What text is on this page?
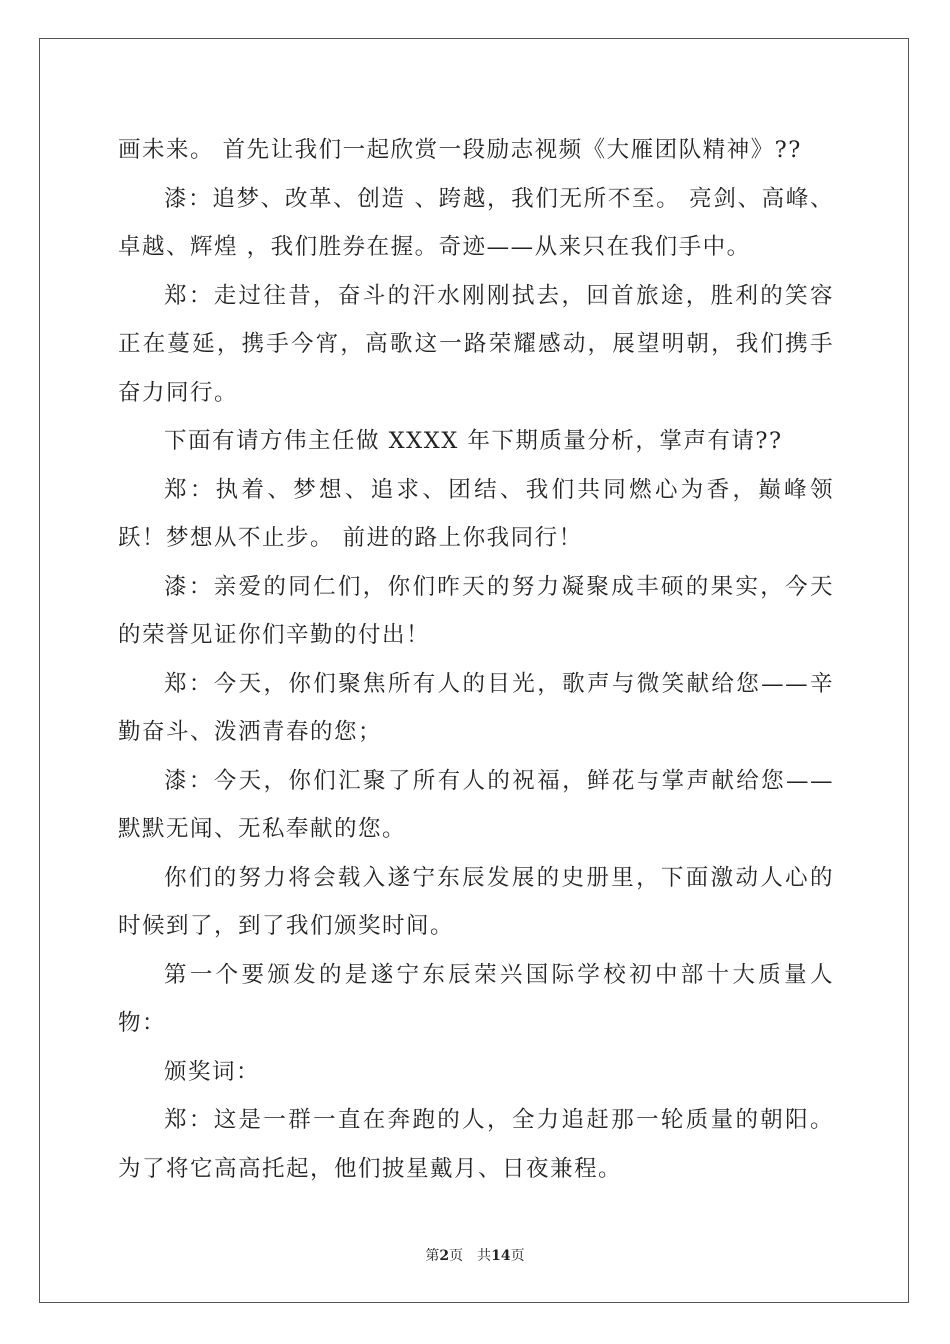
画未来。 首先让我们一起欣赏一段励志视频《大雁团队精神》??

漆：追梦、改革、创造 、跨越，我们无所不至。 亮剑、高峰、卓越、辉煌 ，我们胜券在握。奇迹——从来只在我们手中。

郑：走过往昔，奋斗的汗水刚刚拭去，回首旅途，胜利的笑容正在蔓延，携手今宵，高歌这一路荣耀感动，展望明朝，我们携手奋力同行。

下面有请方伟主任做 XXXX 年下期质量分析，掌声有请??

郑：执着、梦想、追求、团结、我们共同燃心为香，巅峰领跃！梦想从不止步。 前进的路上你我同行！

漆：亲爱的同仁们，你们昨天的努力凝聚成丰硕的果实，今天的荣誉见证你们辛勤的付出！

郑：今天，你们聚焦所有人的目光，歌声与微笑献给您——辛勤奋斗、泼洒青春的您；

漆：今天，你们汇聚了所有人的祝福，鲜花与掌声献给您——默默无闻、无私奉献的您。

你们的努力将会载入遂宁东辰发展的史册里，下面激动人心的时候到了，到了我们颁奖时间。

第一个要颁发的是遂宁东辰荣兴国际学校初中部十大质量人物：

颁奖词：

郑：这是一群一直在奔跑的人，全力追赶那一轮质量的朝阳。为了将它高高托起，他们披星戴月、日夜兼程。

第2页　共14页
